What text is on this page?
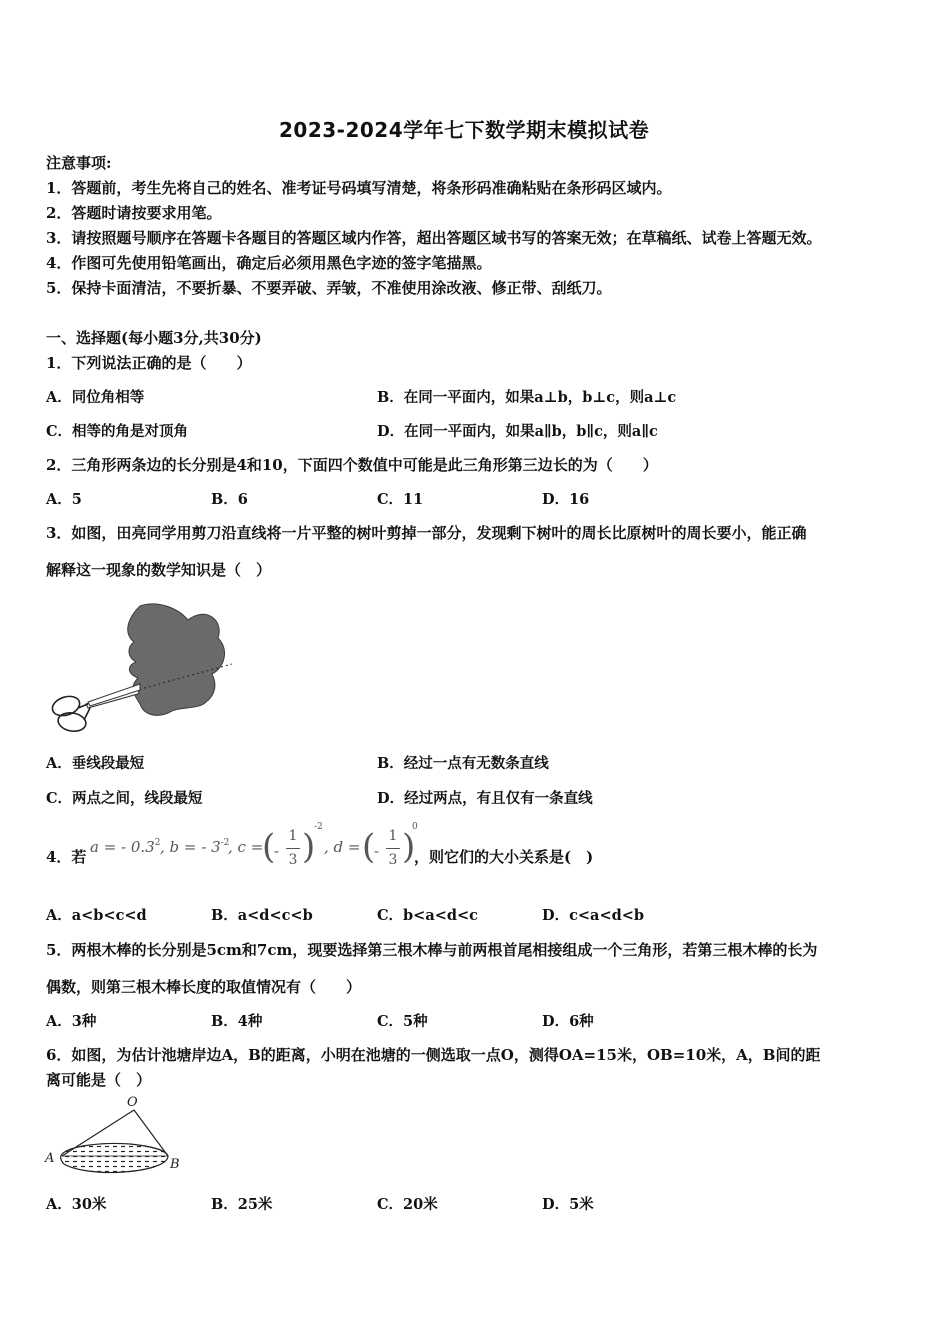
2023-2024学年七下数学期末模拟试卷
注意事项:
1．答题前，考生先将自己的姓名、准考证号码填写清楚，将条形码准确粘贴在条形码区域内。
2．答题时请按要求用笔。
3．请按照题号顺序在答题卡各题目的答题区域内作答，超出答题区域书写的答案无效；在草稿纸、试卷上答题无效。
4．作图可先使用铅笔画出，确定后必须用黑色字迹的签字笔描黑。
5．保持卡面清洁，不要折暴、不要弄破、弄皱，不准使用涂改液、修正带、刮纸刀。
一、选择题(每小题3分,共30分)
1．下列说法正确的是（　　）
A．同位角相等	B．在同一平面内，如果a⊥b，b⊥c，则a⊥c
C．相等的角是对顶角	D．在同一平面内，如果a∥b，b∥c，则a∥c
2．三角形两条边的长分别是4和10，下面四个数值中可能是此三角形第三边长的为（　　）
A．5	B．6	C．11	D．16
3．如图，田亮同学用剪刀沿直线将一片平整的树叶剪掉一部分，发现剩下树叶的周长比原树叶的周长要小，能正确
解释这一现象的数学知识是（　）
A．垂线段最短	B．经过一点有无数条直线
C．两点之间，线段最短	D．经过两点，有且仅有一条直线
4．若
a = - $0.3^2$ , b = - $3^{-2}$
, c =
(
-
1
3 )
-2
, d = (
-
1
3 )
0
，则它们的大小关系是(　)
A．a<b<c<d	B．a<d<c<b	C．b<a<d<c	D．c<a<d<b
5．两根木棒的长分别是5cm和7cm，现要选择第三根木棒与前两根首尾相接组成一个三角形，若第三根木棒的长为
偶数，则第三根木棒长度的取值情况有（　　）
A．3种	B．4种	C．5种	D．6种
6．如图，为估计池塘岸边A，B的距离，小明在池塘的一侧选取一点O，测得OA=15米，OB=10米，A，B间的距
离可能是（　）
O
A	B
A．30米	B．25米	C．20米	D．5米
